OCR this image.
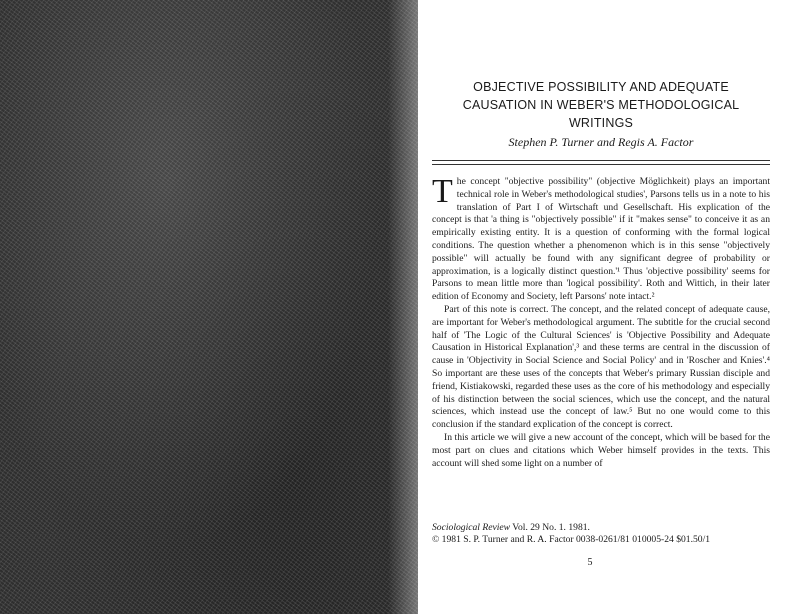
OBJECTIVE POSSIBILITY AND ADEQUATE CAUSATION IN WEBER'S METHODOLOGICAL WRITINGS

Stephen P. Turner and Regis A. Factor

The concept "objective possibility" (objective Möglichkeit) plays an important technical role in Weber's methodological studies', Parsons tells us in a note to his translation of Part I of Wirtschaft und Gesellschaft. His explication of the concept is that 'a thing is "objectively possible" if it "makes sense" to conceive it as an empirically existing entity. It is a question of conforming with the formal logical conditions. The question whether a phenomenon which is in this sense "objectively possible" will actually be found with any significant degree of probability or approximation, is a logically distinct question.'¹ Thus 'objective possibility' seems for Parsons to mean little more than 'logical possibility'. Roth and Wittich, in their later edition of Economy and Society, left Parsons' note intact.²

Part of this note is correct. The concept, and the related concept of adequate cause, are important for Weber's methodological argument. The subtitle for the crucial second half of 'The Logic of the Cultural Sciences' is 'Objective Possibility and Adequate Causation in Historical Explanation',³ and these terms are central in the discussion of cause in 'Objectivity in Social Science and Social Policy' and in 'Roscher and Knies'.⁴ So important are these uses of the concepts that Weber's primary Russian disciple and friend, Kistiakowski, regarded these uses as the core of his methodology and especially of his distinction between the social sciences, which use the concept, and the natural sciences, which instead use the concept of law.⁵ But no one would come to this conclusion if the standard explication of the concept is correct.

In this article we will give a new account of the concept, which will be based for the most part on clues and citations which Weber himself provides in the texts. This account will shed some light on a number of

Sociological Review Vol. 29 No. 1. 1981.
© 1981 S. P. Turner and R. A. Factor 0038-0261/81 010005-24 $01.50/1
5
